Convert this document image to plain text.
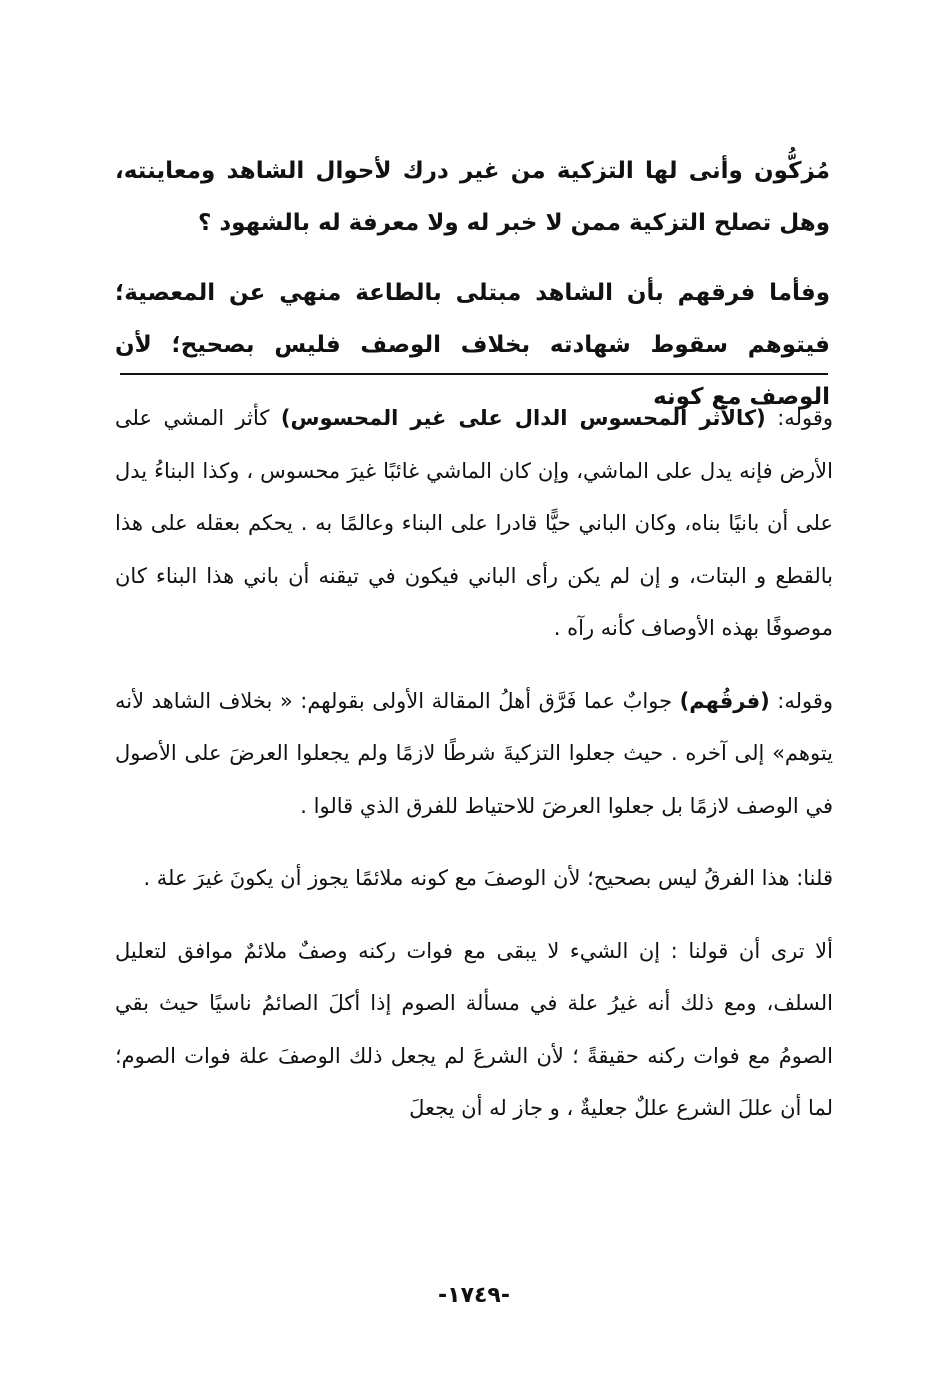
مُزكُّون وأنى لها التزكية من غير درك لأحوال الشاهد ومعاينته، وهل تصلح التزكية ممن لا خبر له ولا معرفة له بالشهود ؟

وفأما فرقهم بأن الشاهد مبتلى بالطاعة منهي عن المعصية؛ فيتوهم سقوط شهادته بخلاف الوصف فليس بصحيح؛ لأن الوصف مع كونه

وقوله: (كالأثر المحسوس الدال على غير المحسوس) كأثر المشي على الأرض فإنه يدل على الماشي، وإن كان الماشي غائبًا غيرَ محسوس ، وكذا البناءُ يدل على أن بانيًا بناه، وكان الباني حيًّا قادرا على البناء وعالمًا به . يحكم بعقله على هذا بالقطع و البتات، و إن لم يكن رأى الباني فيكون في تيقنه أن باني هذا البناء كان موصوفًا بهذه الأوصاف كأنه رآه .

وقوله: (فرقُهم) جوابٌ عما فَرَّق أهلُ المقالة الأولى بقولهم: « بخلاف الشاهد لأنه يتوهم» إلى آخره . حيث جعلوا التزكيةَ شرطًا لازمًا ولم يجعلوا العرضَ على الأصول في الوصف لازمًا بل جعلوا العرضَ للاحتياط للفرق الذي قالوا .

قلنا: هذا الفرقُ ليس بصحيح؛ لأن الوصفَ مع كونه ملائمًا يجوز أن يكونَ غيرَ علة .

ألا ترى أن قولنا : إن الشيء لا يبقى مع فوات ركنه وصفٌ ملائمٌ موافق لتعليل السلف، ومع ذلك أنه غيرُ علة في مسألة الصوم إذا أكلَ الصائمُ ناسيًا حيث بقي الصومُ مع فوات ركنه حقيقةً ؛ لأن الشرعَ لم يجعل ذلك الوصفَ علة فوات الصوم؛ لما أن عللَ الشرع عللٌ جعليةٌ ، و جاز له أن يجعلَ

-١٧٤٩-
